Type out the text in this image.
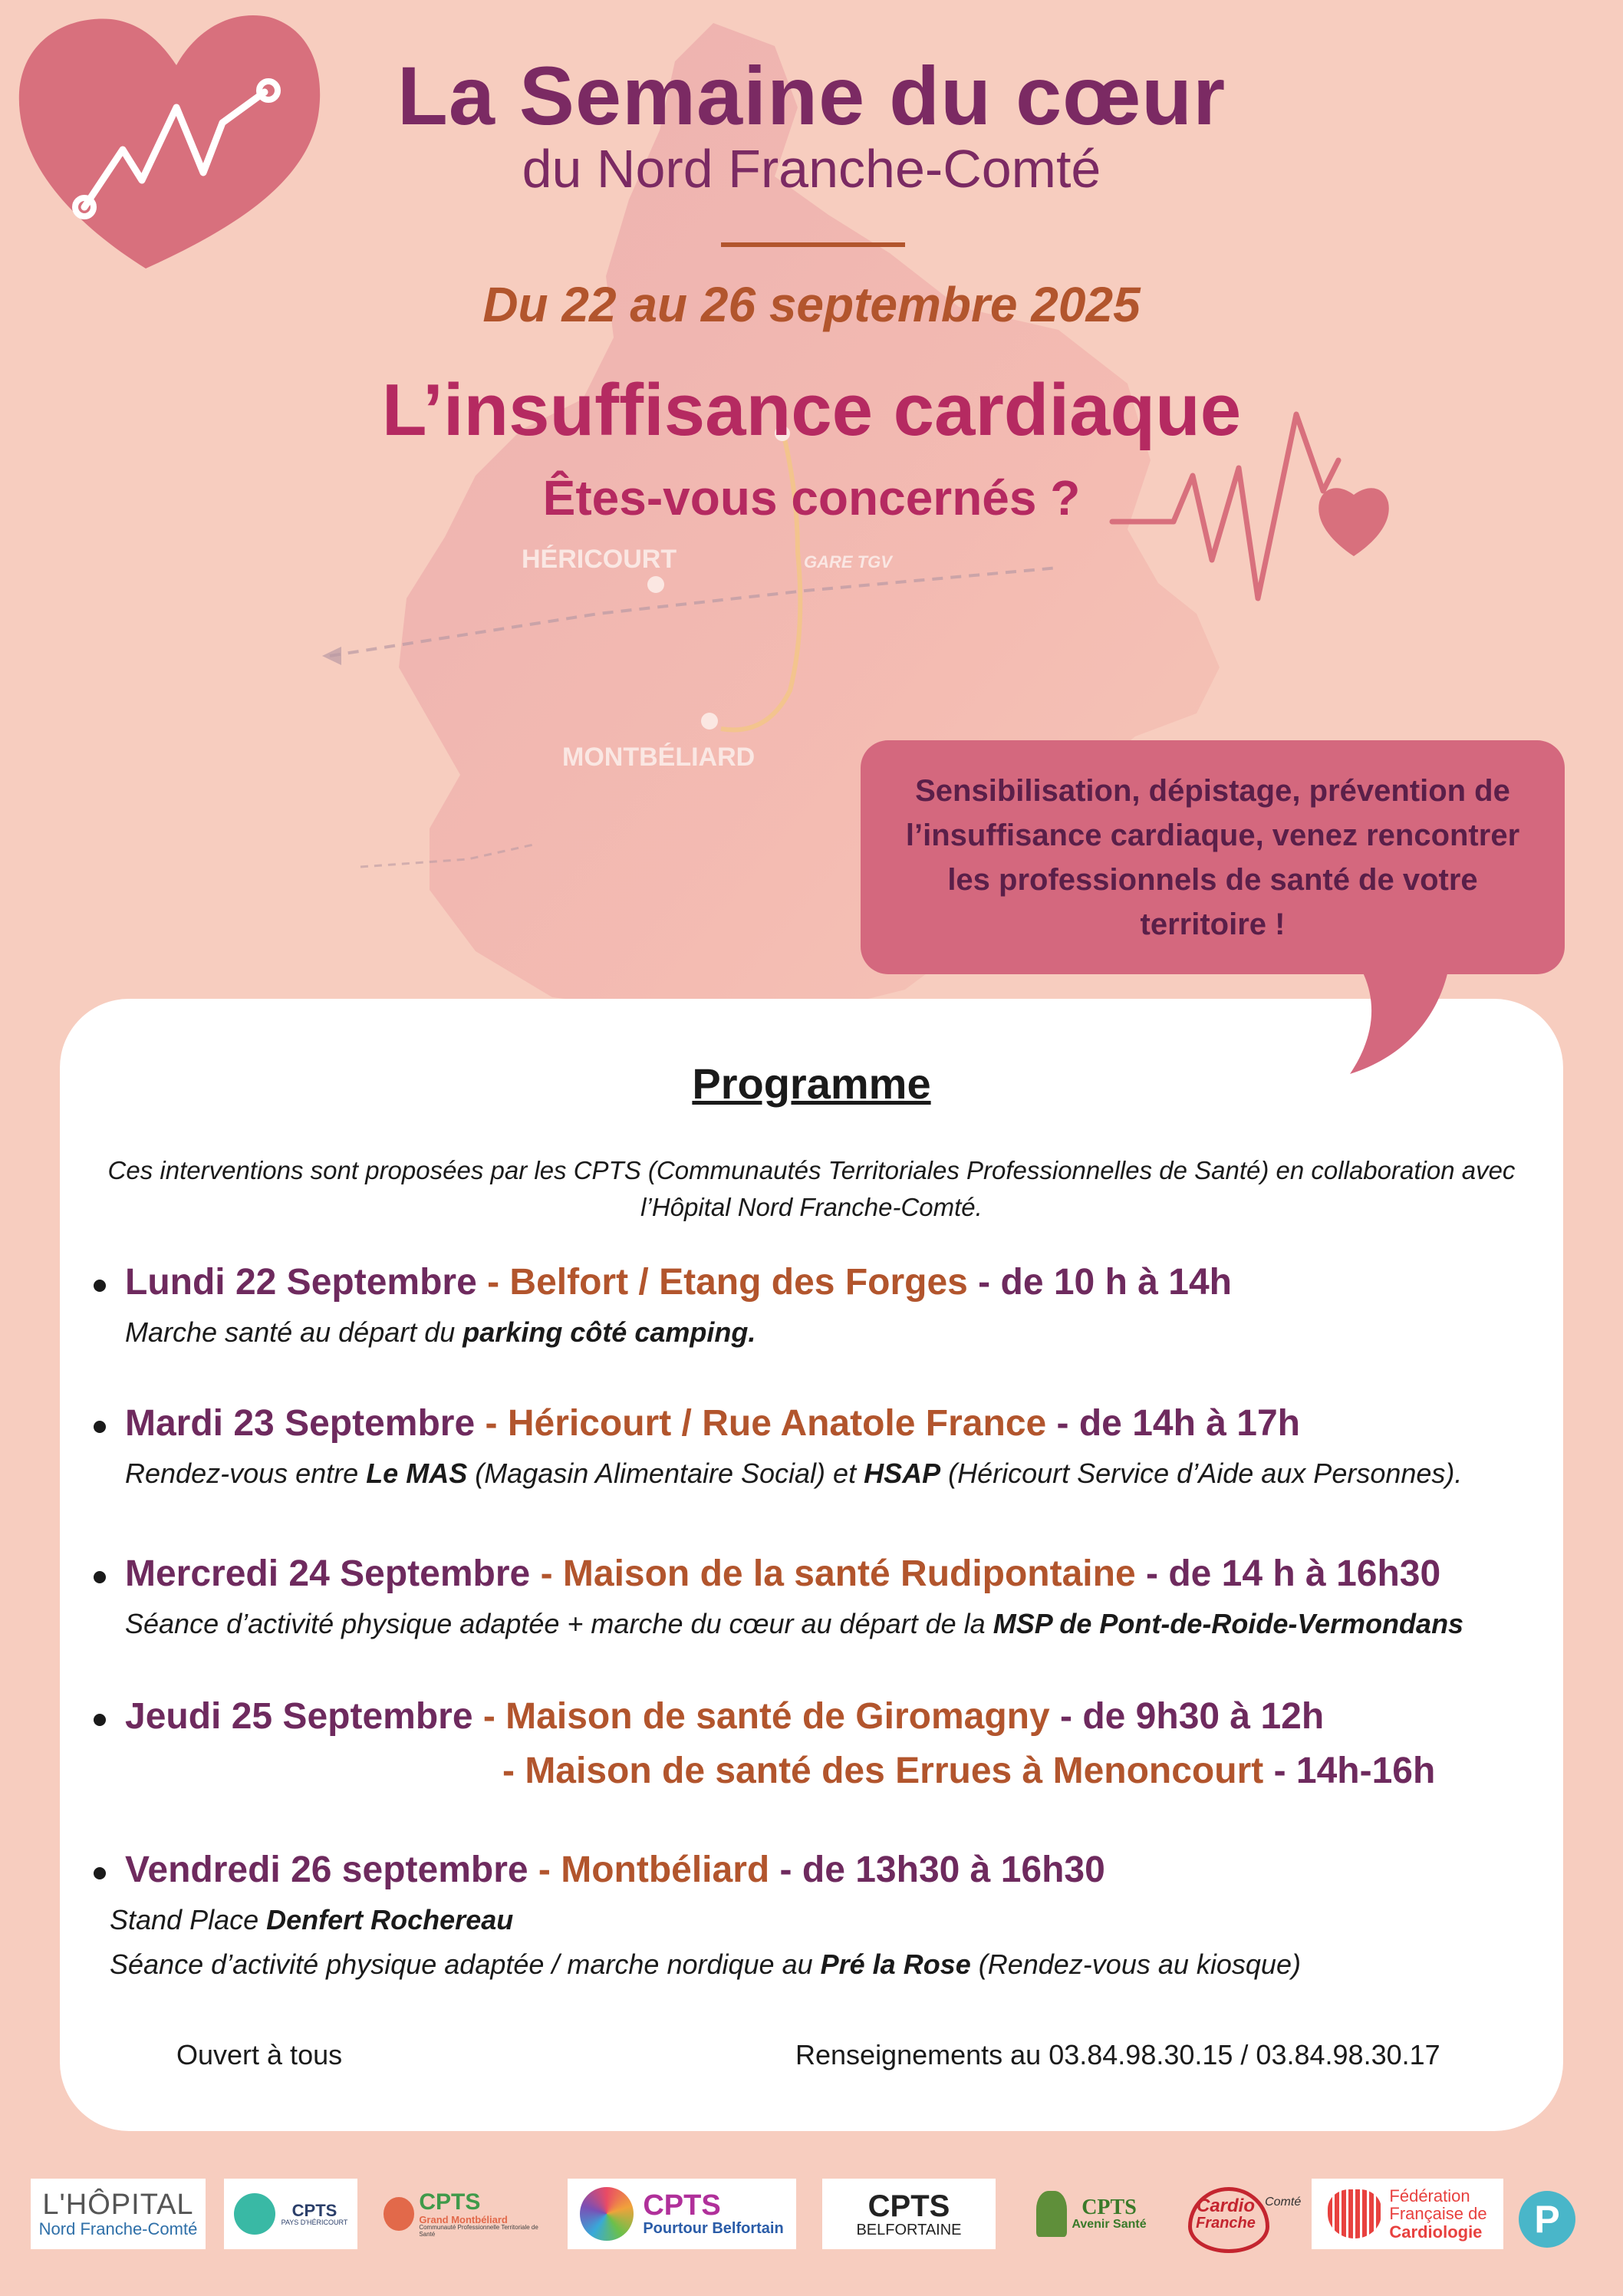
HÉRICOURT
MONTBÉLIARD
GARE TGV
La Semaine du cœur
du Nord Franche-Comté
Du 22 au 26 septembre 2025
L’insuffisance cardiaque
Êtes-vous concernés ?
Sensibilisation, dépistage, prévention de l’insuffisance cardiaque, venez rencontrer les professionnels de santé de votre territoire !
Programme
Ces interventions sont proposées par les CPTS (Communautés Territoriales Professionnelles de Santé) en collaboration avec l’Hôpital Nord Franche-Comté.
Lundi 22 Septembre - Belfort / Etang des Forges - de 10 h à 14h
Marche santé au départ du parking côté camping.
Mardi 23 Septembre - Héricourt / Rue Anatole France - de 14h à 17h
Rendez-vous entre Le MAS (Magasin Alimentaire Social) et HSAP (Héricourt Service d’Aide aux Personnes).
Mercredi 24 Septembre - Maison de la santé Rudipontaine - de 14 h à 16h30
Séance d’activité physique adaptée + marche du cœur au départ de la MSP de Pont-de-Roide-Vermondans
Jeudi 25 Septembre - Maison de santé de Giromagny - de 9h30 à 12h
- Maison de santé des Errues à Menoncourt - 14h-16h
Vendredi 26 septembre - Montbéliard - de 13h30 à 16h30
Stand Place Denfert Rochereau
Séance d’activité physique adaptée / marche nordique au Pré la Rose (Rendez-vous au kiosque)
Ouvert à tous	Renseignements au 03.84.98.30.15 / 03.84.98.30.17
L'HÔPITAL
Nord Franche-Comté
CPTS
PAYS D'HÉRICOURT
CPTS
Grand Montbéliard
Communauté Professionnelle Territoriale de Santé
CPTS
Pourtour Belfortain
CPTS
BELFORTAINE
CPTS
Avenir Santé
Cardio
Franche
Comté	Fédération
Française de
Cardiologie P
